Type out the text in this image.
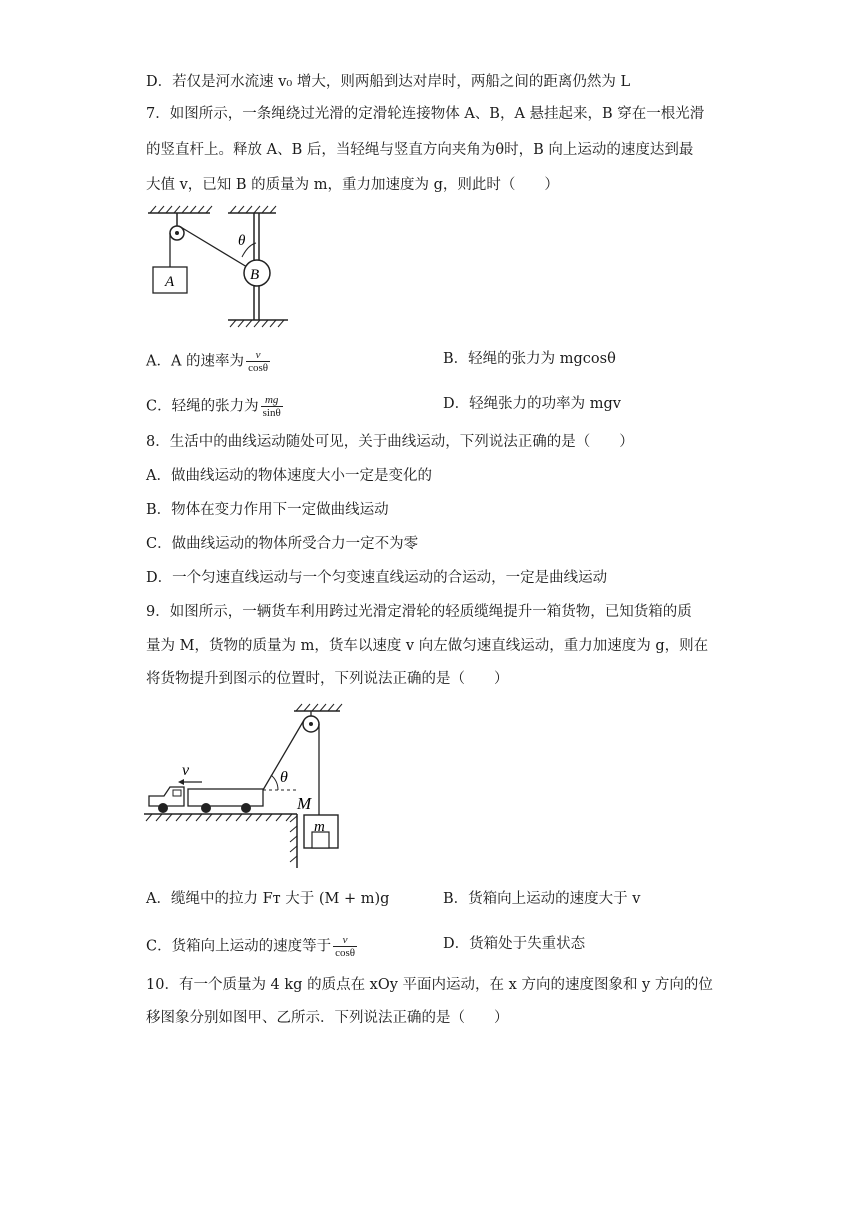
D．若仅是河水流速 v₀ 增大，则两船到达对岸时，两船之间的距离仍然为 L
7．如图所示，一条绳绕过光滑的定滑轮连接物体 A、B，A 悬挂起来，B 穿在一根光滑
的竖直杆上。释放 A、B 后，当轻绳与竖直方向夹角为θ时，B 向上运动的速度达到最
大值 v，已知 B 的质量为 m，重力加速度为 g，则此时（　　）
A
θ
B
A．A 的速率为 $\frac{v}{\cos\theta}$	B．轻绳的张力为 mgcosθ
C．轻绳的张力为 $\frac{mg}{\sin\theta}$	D．轻绳张力的功率为 mgv
8．生活中的曲线运动随处可见，关于曲线运动，下列说法正确的是（　　）
A．做曲线运动的物体速度大小一定是变化的
B．物体在变力作用下一定做曲线运动
C．做曲线运动的物体所受合力一定不为零
D．一个匀速直线运动与一个匀变速直线运动的合运动，一定是曲线运动
9．如图所示，一辆货车利用跨过光滑定滑轮的轻质缆绳提升一箱货物，已知货箱的质
量为 M，货物的质量为 m，货车以速度 v 向左做匀速直线运动，重力加速度为 g，则在
将货物提升到图示的位置时，下列说法正确的是（　　）
θ
v
M
m
A．缆绳中的拉力 Fᴛ 大于 (M + m)g	B．货箱向上运动的速度大于 v
C．货箱向上运动的速度等于 $\frac{v}{\cos\theta}$	D．货箱处于失重状态
10．有一个质量为 4 kg 的质点在 xOy 平面内运动，在 x 方向的速度图象和 y 方向的位
移图象分别如图甲、乙所示．下列说法正确的是（　　）
